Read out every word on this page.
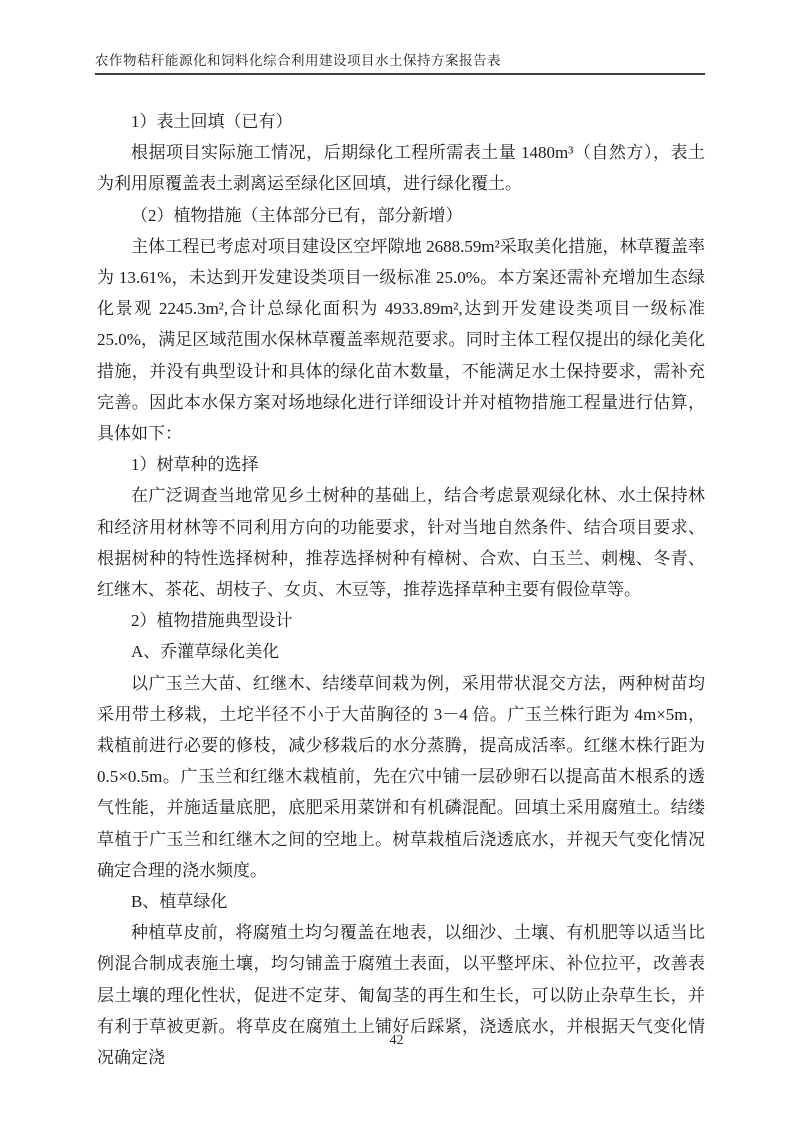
农作物秸秆能源化和饲料化综合利用建设项目水土保持方案报告表

1）表土回填（已有）

根据项目实际施工情况，后期绿化工程所需表土量 1480m³（自然方），表土为利用原覆盖表土剥离运至绿化区回填，进行绿化覆土。

（2）植物措施（主体部分已有，部分新增）

主体工程已考虑对项目建设区空坪隙地 2688.59m²采取美化措施，林草覆盖率为 13.61%，未达到开发建设类项目一级标准 25.0%。本方案还需补充增加生态绿化景观 2245.3m²,合计总绿化面积为 4933.89m²,达到开发建设类项目一级标准 25.0%，满足区域范围水保林草覆盖率规范要求。同时主体工程仅提出的绿化美化措施，并没有典型设计和具体的绿化苗木数量，不能满足水土保持要求，需补充完善。因此本水保方案对场地绿化进行详细设计并对植物措施工程量进行估算，具体如下：

1）树草种的选择

在广泛调查当地常见乡土树种的基础上，结合考虑景观绿化林、水土保持林和经济用材林等不同利用方向的功能要求，针对当地自然条件、结合项目要求、根据树种的特性选择树种，推荐选择树种有樟树、合欢、白玉兰、刺槐、冬青、红继木、茶花、胡枝子、女贞、木豆等，推荐选择草种主要有假俭草等。

2）植物措施典型设计

A、乔灌草绿化美化

以广玉兰大苗、红继木、结缕草间栽为例，采用带状混交方法，两种树苗均采用带土移栽，土坨半径不小于大苗胸径的 3－4 倍。广玉兰株行距为 4m×5m，栽植前进行必要的修枝，减少移栽后的水分蒸腾，提高成活率。红继木株行距为 0.5×0.5m。广玉兰和红继木栽植前，先在穴中铺一层砂卵石以提高苗木根系的透气性能，并施适量底肥，底肥采用菜饼和有机磷混配。回填土采用腐殖土。结缕草植于广玉兰和红继木之间的空地上。树草栽植后浇透底水，并视天气变化情况确定合理的浇水频度。

B、植草绿化

种植草皮前，将腐殖土均匀覆盖在地表，以细沙、土壤、有机肥等以适当比例混合制成表施土壤，均匀铺盖于腐殖土表面，以平整坪床、补位拉平，改善表层土壤的理化性状，促进不定芽、匍匐茎的再生和生长，可以防止杂草生长，并有利于草被更新。将草皮在腐殖土上铺好后踩紧，浇透底水，并根据天气变化情况确定浇

42
